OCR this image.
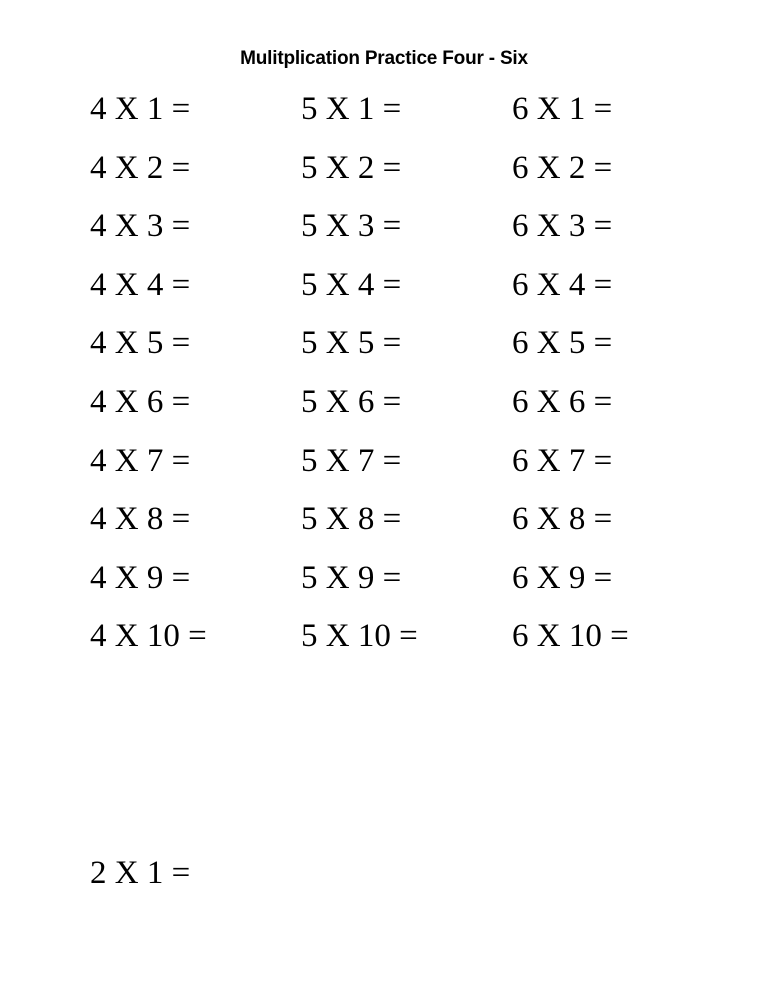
Mulitplication Practice Four - Six
4 X 1 =
4 X 2 =
4 X 3 =
4 X 4 =
4 X 5 =
4 X 6 =
4 X 7 =
4 X 8 =
4 X 9 =
4 X 10 =
5 X 1 =
5 X 2 =
5 X 3 =
5 X 4 =
5 X 5 =
5 X 6 =
5 X 7 =
5 X 8 =
5 X 9 =
5 X 10 =
6 X 1 =
6 X 2 =
6 X 3 =
6 X 4 =
6 X 5 =
6 X 6 =
6 X 7 =
6 X 8 =
6 X 9 =
6 X 10 =
2 X 1 =
